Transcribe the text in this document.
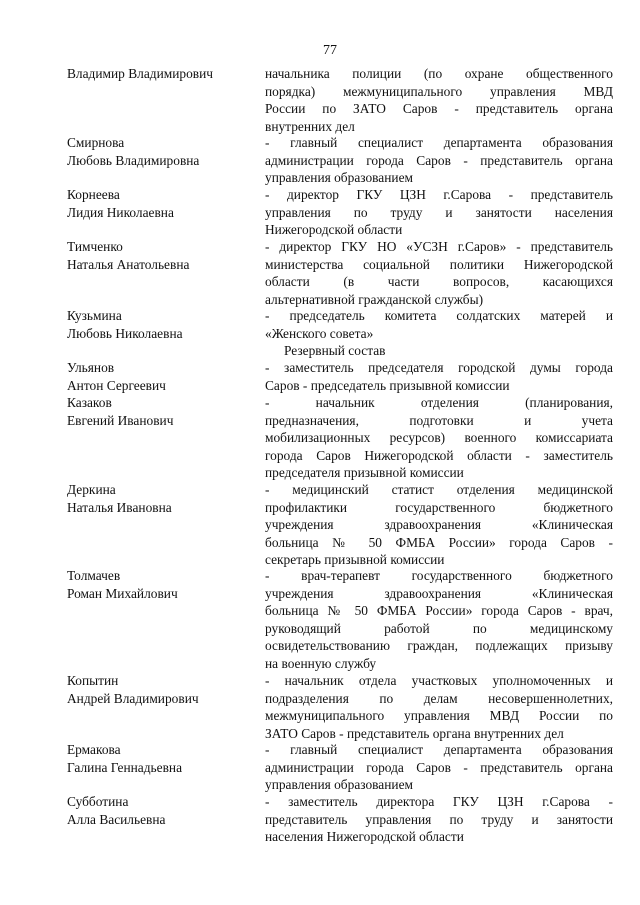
77
Резервный состав
Владимир Владимирович	начальника полиции (по охране общественного
порядка) межмуниципального управления МВД
России по ЗАТО Саров - представитель органа
внутренних дел
Смирнова
Любовь Владимировна
- главный специалист департамента образования
администрации города Саров - представитель органа
управления образованием
Корнеева
Лидия Николаевна
- директор ГКУ ЦЗН г.Сарова - представитель
управления по труду и занятости населения
Нижегородской области
Тимченко
Наталья Анатольевна
- директор ГКУ НО «УСЗН г.Саров» - представитель
министерства социальной политики Нижегородской
области (в части вопросов, касающихся
альтернативной гражданской службы)
Кузьмина
Любовь Николаевна
- председатель комитета солдатских матерей и
«Женского совета»
Ульянов
Антон Сергеевич
- заместитель председателя городской думы города
Саров - председатель призывной комиссии
Казаков
Евгений Иванович
- начальник отделения (планирования,
предназначения, подготовки и учета
мобилизационных ресурсов) военного комиссариата
города Саров Нижегородской области - заместитель
председателя призывной комиссии
Деркина
Наталья Ивановна
- медицинский статист отделения медицинской
профилактики государственного бюджетного
учреждения здравоохранения «Клиническая
больница № 50 ФМБА России» города Саров -
секретарь призывной комиссии
Толмачев
Роман Михайлович
- врач-терапевт государственного бюджетного
учреждения здравоохранения «Клиническая
больница № 50 ФМБА России» города Саров - врач,
руководящий работой по медицинскому
освидетельствованию граждан, подлежащих призыву
на военную службу
Копытин
Андрей Владимирович
- начальник отдела участковых уполномоченных и
подразделения по делам несовершеннолетних,
межмуниципального управления МВД России по
ЗАТО Саров - представитель органа внутренних дел
Ермакова
Галина Геннадьевна
- главный специалист департамента образования
администрации города Саров - представитель органа
управления образованием
Субботина
Алла Васильевна
- заместитель директора ГКУ ЦЗН г.Сарова -
представитель управления по труду и занятости
населения Нижегородской области
